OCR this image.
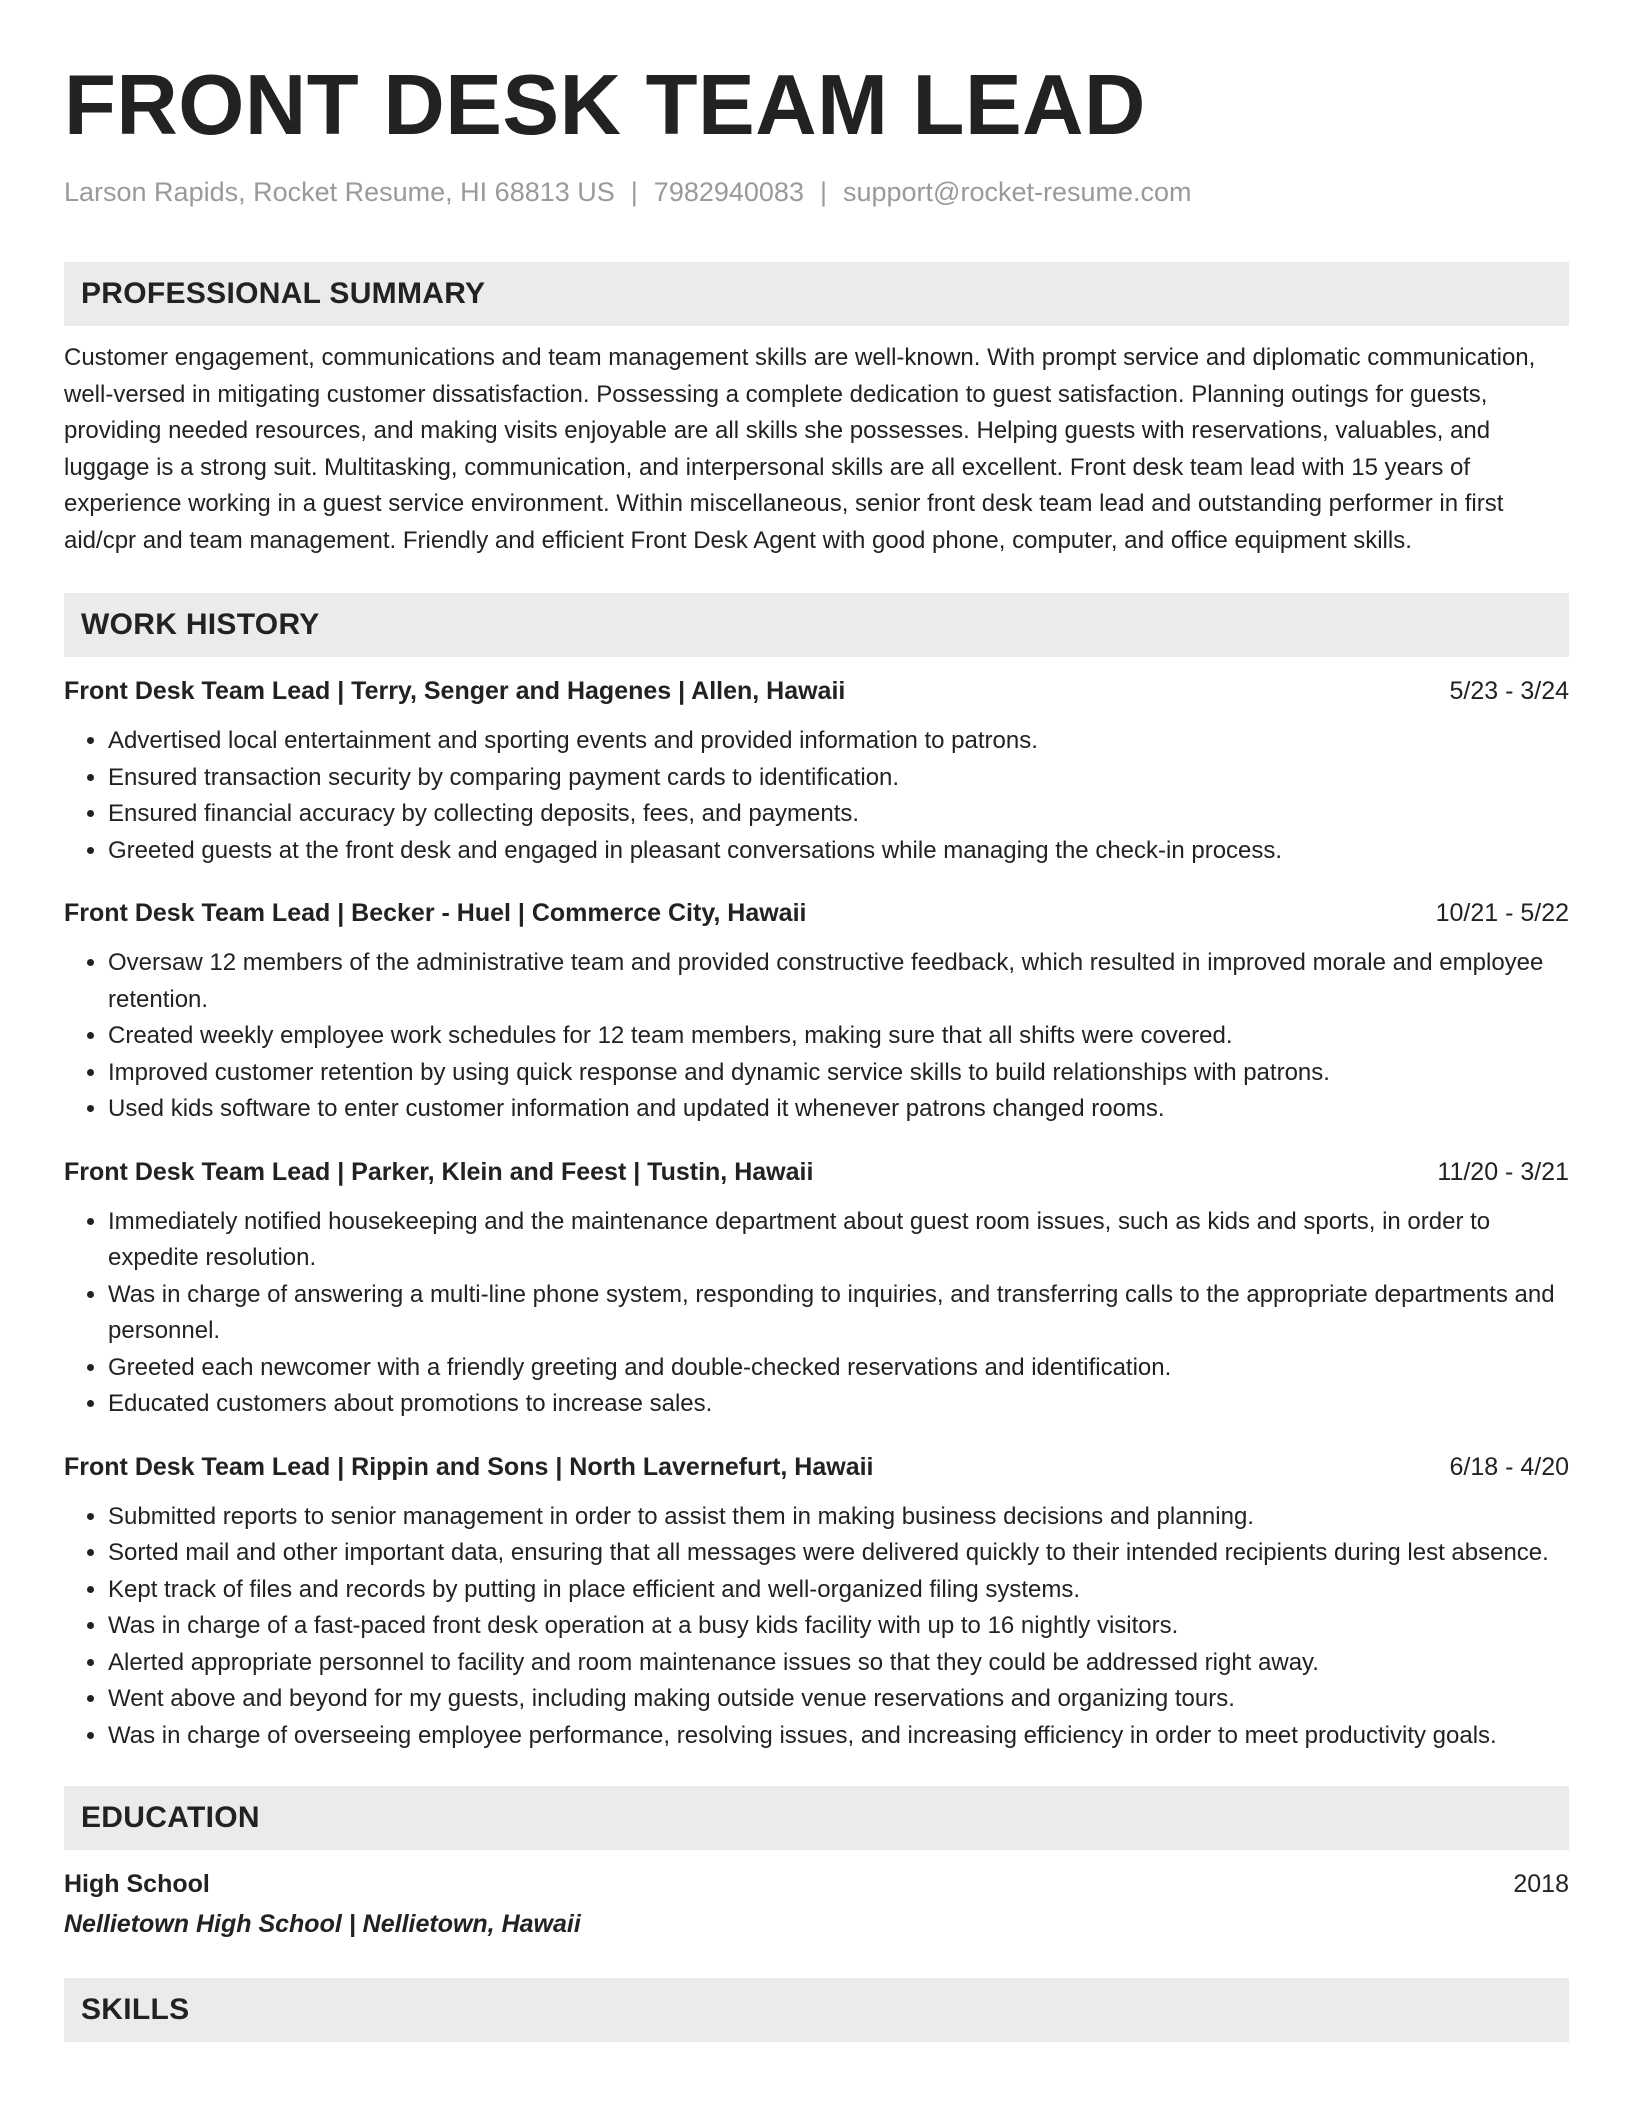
FRONT DESK TEAM LEAD
Larson Rapids, Rocket Resume, HI 68813 US | 7982940083 | support@rocket-resume.com
PROFESSIONAL SUMMARY

Customer engagement, communications and team management skills are well-known. With prompt service and diplomatic communication, well-versed in mitigating customer dissatisfaction. Possessing a complete dedication to guest satisfaction. Planning outings for guests, providing needed resources, and making visits enjoyable are all skills she possesses. Helping guests with reservations, valuables, and luggage is a strong suit. Multitasking, communication, and interpersonal skills are all excellent. Front desk team lead with 15 years of experience working in a guest service environment. Within miscellaneous, senior front desk team lead and outstanding performer in first aid/cpr and team management. Friendly and efficient Front Desk Agent with good phone, computer, and office equipment skills.

WORK HISTORY
Front Desk Team Lead | Terry, Senger and Hagenes | Allen, Hawaii	5/23 - 3/24
• Advertised local entertainment and sporting events and provided information to patrons.
• Ensured transaction security by comparing payment cards to identification.
• Ensured financial accuracy by collecting deposits, fees, and payments.
• Greeted guests at the front desk and engaged in pleasant conversations while managing the check-in process.
Front Desk Team Lead | Becker - Huel | Commerce City, Hawaii	10/21 - 5/22
• Oversaw 12 members of the administrative team and provided constructive feedback, which resulted in improved morale and employee retention.
• Created weekly employee work schedules for 12 team members, making sure that all shifts were covered.
• Improved customer retention by using quick response and dynamic service skills to build relationships with patrons.
• Used kids software to enter customer information and updated it whenever patrons changed rooms.
Front Desk Team Lead | Parker, Klein and Feest | Tustin, Hawaii	11/20 - 3/21
• Immediately notified housekeeping and the maintenance department about guest room issues, such as kids and sports, in order to expedite resolution.
• Was in charge of answering a multi-line phone system, responding to inquiries, and transferring calls to the appropriate departments and personnel.
• Greeted each newcomer with a friendly greeting and double-checked reservations and identification.
• Educated customers about promotions to increase sales.
Front Desk Team Lead | Rippin and Sons | North Lavernefurt, Hawaii	6/18 - 4/20
• Submitted reports to senior management in order to assist them in making business decisions and planning.
• Sorted mail and other important data, ensuring that all messages were delivered quickly to their intended recipients during lest absence.
• Kept track of files and records by putting in place efficient and well-organized filing systems.
• Was in charge of a fast-paced front desk operation at a busy kids facility with up to 16 nightly visitors.
• Alerted appropriate personnel to facility and room maintenance issues so that they could be addressed right away.
• Went above and beyond for my guests, including making outside venue reservations and organizing tours.
• Was in charge of overseeing employee performance, resolving issues, and increasing efficiency in order to meet productivity goals.
EDUCATION
High School	2018
Nellietown High School | Nellietown, Hawaii
SKILLS
